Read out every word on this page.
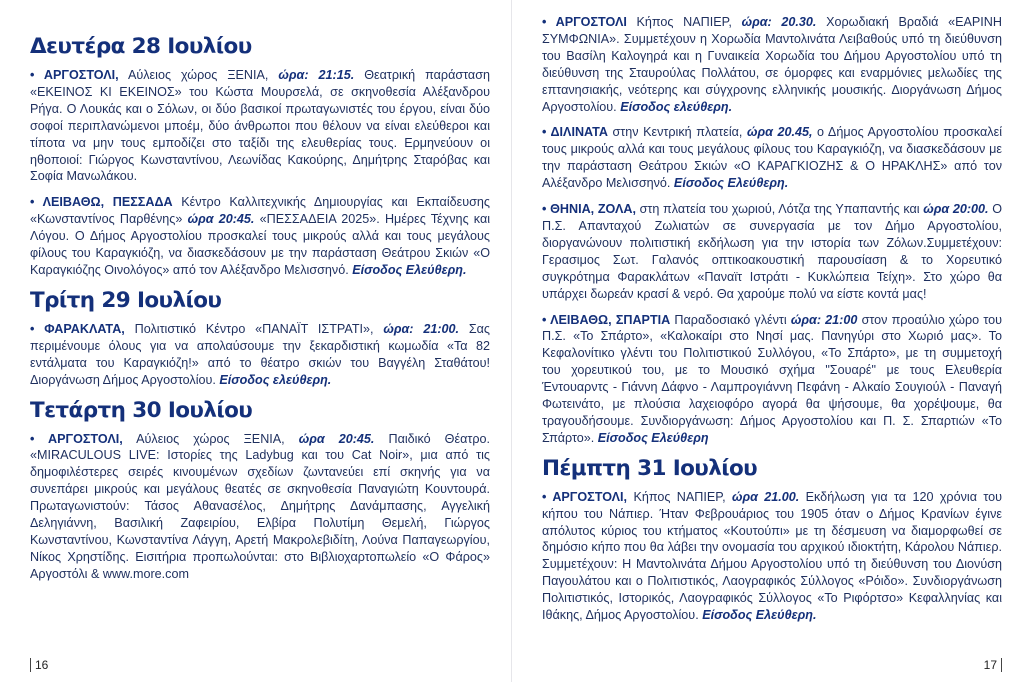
Δευτέρα 28 Ιουλίου

• ΑΡΓΟΣΤΟΛΙ, Αύλειος χώρος ΞΕΝΙΑ, ώρα: 21:15. Θεατρική παράσταση «ΕΚΕΙΝΟΣ ΚΙ ΕΚΕΙΝΟΣ» του Κώστα Μουρσελά, σε σκηνοθεσία Αλέξανδρου Ρήγα. Ο Λουκάς και ο Σόλων, οι δύο βασικοί πρωταγωνιστές του έργου, είναι δύο σοφοί περιπλανώμενοι μποέμ, δύο άνθρωποι που θέλουν να είναι ελεύθεροι και τίποτα να μην τους εμποδίζει στο ταξίδι της ελευθερίας τους. Ερμηνεύουν οι ηθοποιοί: Γιώργος Κωνσταντίνου, Λεωνίδας Κακούρης, Δημήτρης Σταρόβας και Σοφία Μανωλάκου.

• ΛΕΙΒΑΘΩ, ΠΕΣΣΑΔΑ Κέντρο Καλλιτεχνικής Δημιουργίας και Εκπαίδευσης «Κωνσταντίνος Παρθένης» ώρα 20:45. «ΠΕΣΣΑΔΕΙΑ 2025». Ημέρες Τέχνης και Λόγου. Ο Δήμος Αργοστολίου προσκαλεί τους μικρούς αλλά και τους μεγάλους φίλους του Καραγκιόζη, να διασκεδάσουν με την παράσταση Θεάτρου Σκιών «Ο Καραγκιόζης Οινολόγος» από τον Αλέξανδρο Μελισσηνό. Είσοδος Ελεύθερη.

Τρίτη 29 Ιουλίου

• ΦΑΡΑΚΛΑΤΑ, Πολιτιστικό Κέντρο «ΠΑΝΑΪΤ ΙΣΤΡΑΤΙ», ώρα: 21:00. Σας περιμένουμε όλους για να απολαύσουμε την ξεκαρδιστική κωμωδία «Τα 82 εντάλματα του Καραγκιόζη!» από το θέατρο σκιών του Βαγγέλη Σταθάτου! Διοργάνωση Δήμος Αργοστολίου. Είσοδος ελεύθερη.

Τετάρτη 30 Ιουλίου

• ΑΡΓΟΣΤΟΛΙ, Αύλειος χώρος ΞΕΝΙΑ, ώρα 20:45. Παιδικό Θέατρο. «MIRACULOUS LIVE: Ιστορίες της Ladybug και του Cat Noir», μια από τις δημοφιλέστερες σειρές κινουμένων σχεδίων ζωντανεύει επί σκηνής για να συνεπάρει μικρούς και μεγάλους θεατές σε σκηνοθεσία Παναγιώτη Κουντουρά. Πρωταγωνιστούν: Τάσος Αθανασέλος, Δημήτρης Δανάμπασης, Αγγελική Δεληγιάννη, Βασιλική Ζαφειρίου, Ελβίρα Πολυτίμη Θεμελή, Γιώργος Κωνσταντίνου, Κωνσταντίνα Λάγγη, Αρετή Μακρολεβιδίτη, Λούνα Παπαγεωργίου, Νίκος Χρηστίδης. Εισιτήρια προπωλούνται: στο Βιβλιοχαρτοπωλείο «Ο Φάρος» Αργοστόλι & www.more.com

16

• ΑΡΓΟΣΤΟΛΙ Κήπος ΝΑΠΙΕΡ, ώρα: 20.30. Χορωδιακή Βραδιά «ΕΑΡΙΝΗ ΣΥΜΦΩΝΙΑ». Συμμετέχουν η Χορωδία Μαντολινάτα Λειβαθούς υπό τη διεύθυνση του Βασίλη Καλογηρά και η Γυναικεία Χορωδία του Δήμου Αργοστολίου υπό τη διεύθυνση της Σταυρούλας Πολλάτου, σε όμορφες και εναρμόνιες μελωδίες της επτανησιακής, νεότερης και σύγχρονης ελληνικής μουσικής. Διοργάνωση Δήμος Αργοστολίου. Είσοδος ελεύθερη.

• ΔΙΛΙΝΑΤΑ στην Κεντρική πλατεία, ώρα 20.45, ο Δήμος Αργοστολίου προσκαλεί τους μικρούς αλλά και τους μεγάλους φίλους του Καραγκιόζη, να διασκεδάσουν με την παράσταση Θεάτρου Σκιών «Ο ΚΑΡΑΓΚΙΟΖΗΣ & Ο ΗΡΑΚΛΗΣ» από τον Αλέξανδρο Μελισσηνό. Είσοδος Ελεύθερη.

• ΘΗΝΙΑ, ΖΟΛΑ, στη πλατεία του χωριού, Λότζα της Υπαπαντής και ώρα 20:00. Ο Π.Σ. Απανταχού Ζωλιατών σε συνεργασία με τον Δήμο Αργοστολίου, διοργανώνουν πολιτιστική εκδήλωση για την ιστορία των Ζόλων.Συμμετέχουν: Γερασιμος Σωτ. Γαλανός οπτικοακουστική παρουσίαση & το Χορευτικό συγκρότημα Φαρακλάτων «Παναϊτ Ιστράτι - Κυκλώπεια Τείχη». Στο χώρο θα υπάρχει δωρεάν κρασί & νερό. Θα χαρούμε πολύ να είστε κοντά μας!

• ΛΕΙΒΑΘΩ, ΣΠΑΡΤΙΑ Παραδοσιακό γλέντι ώρα: 21:00 στον προαύλιο χώρο του Π.Σ. «Το Σπάρτο», «Καλοκαίρι στο Νησί μας. Πανηγύρι στο Χωριό μας». Το Κεφαλονίτικο γλέντι του Πολιτιστικού Συλλόγου, «Το Σπάρτο», με τη συμμετοχή του χορευτικού του, με το Μουσικό σχήμα "Σουαρέ" με τους Ελευθερία Έντουαρντς - Γιάννη Δάφνο - Λαμπρογιάννη Πεφάνη - Αλκαίο Σουγιούλ - Παναγή Φωτεινάτο, με πλούσια λαχειοφόρο αγορά θα ψήσουμε, θα χορέψουμε, θα τραγουδήσουμε. Συνδιοργάνωση: Δήμος Αργοστολίου και Π. Σ. Σπαρτιών «Το Σπάρτο». Είσοδος Ελεύθερη

Πέμπτη 31 Ιουλίου

• ΑΡΓΟΣΤΟΛΙ, Κήπος ΝΑΠΙΕΡ, ώρα 21.00. Εκδήλωση για τα 120 χρόνια του κήπου του Νάπιερ. Ήταν Φεβρουάριος του 1905 όταν ο Δήμος Κρανίων έγινε απόλυτος κύριος του κτήματος «Κουτούπι» με τη δέσμευση να διαμορφωθεί σε δημόσιο κήπο που θα λάβει την ονομασία του αρχικού ιδιοκτήτη, Κάρολου Νάπιερ. Συμμετέχουν: Η Μαντολινάτα Δήμου Αργοστολίου υπό τη διεύθυνση του Διονύση Παγουλάτου και ο Πολιτιστικός, Λαογραφικός Σύλλογος «Ρόιδο». Συνδιοργάνωση Πολιτιστικός, Ιστορικός, Λαογραφικός Σύλλογος «Το Ριφόρτσο» Κεφαλληνίας και Ιθάκης, Δήμος Αργοστολίου. Είσοδος Ελεύθερη.

17
